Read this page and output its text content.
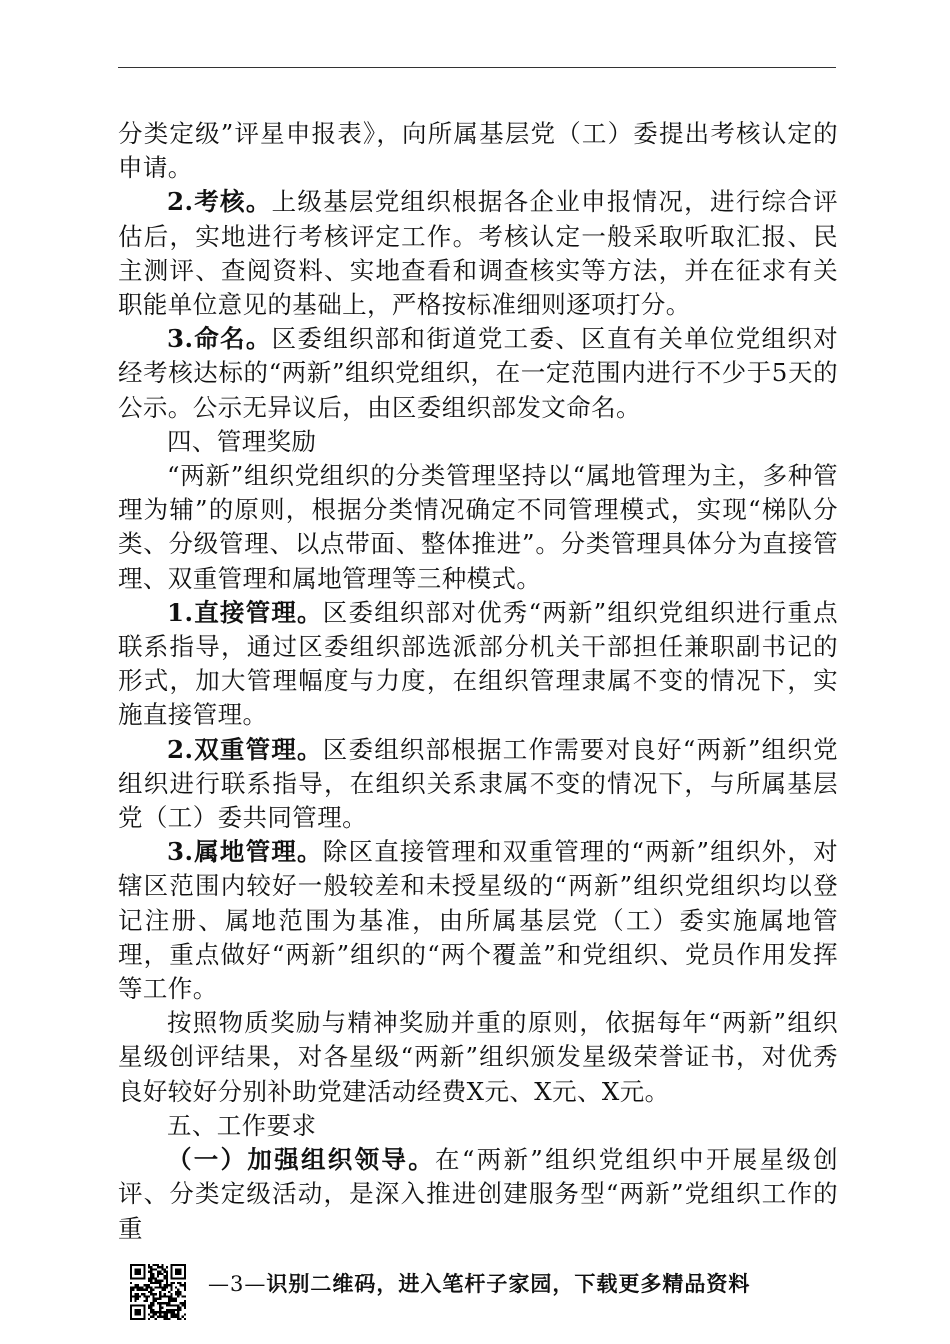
分类定级”评星申报表》，向所属基层党（工）委提出考核认定的申请。

2.考核。上级基层党组织根据各企业申报情况，进行综合评估后，实地进行考核评定工作。考核认定一般采取听取汇报、民主测评、查阅资料、实地查看和调查核实等方法，并在征求有关职能单位意见的基础上，严格按标准细则逐项打分。

3.命名。区委组织部和街道党工委、区直有关单位党组织对经考核达标的“两新”组织党组织，在一定范围内进行不少于5天的公示。公示无异议后，由区委组织部发文命名。

四、管理奖励

“两新”组织党组织的分类管理坚持以“属地管理为主，多种管理为辅”的原则，根据分类情况确定不同管理模式，实现“梯队分类、分级管理、以点带面、整体推进”。分类管理具体分为直接管理、双重管理和属地管理等三种模式。

1.直接管理。区委组织部对优秀“两新”组织党组织进行重点联系指导，通过区委组织部选派部分机关干部担任兼职副书记的形式，加大管理幅度与力度，在组织管理隶属不变的情况下，实施直接管理。

2.双重管理。区委组织部根据工作需要对良好“两新”组织党组织进行联系指导，在组织关系隶属不变的情况下，与所属基层党（工）委共同管理。

3.属地管理。除区直接管理和双重管理的“两新”组织外，对辖区范围内较好一般较差和未授星级的“两新”组织党组织均以登记注册、属地范围为基准，由所属基层党（工）委实施属地管理，重点做好“两新”组织的“两个覆盖”和党组织、党员作用发挥等工作。

按照物质奖励与精神奖励并重的原则，依据每年“两新”组织星级创评结果，对各星级“两新”组织颁发星级荣誉证书，对优秀良好较好分别补助党建活动经费X元、X元、X元。

五、工作要求

（一）加强组织领导。在“两新”组织党组织中开展星级创评、分类定级活动，是深入推进创建服务型“两新”党组织工作的重

—3—识别二维码，进入笔杆子家园，下载更多精品资料
